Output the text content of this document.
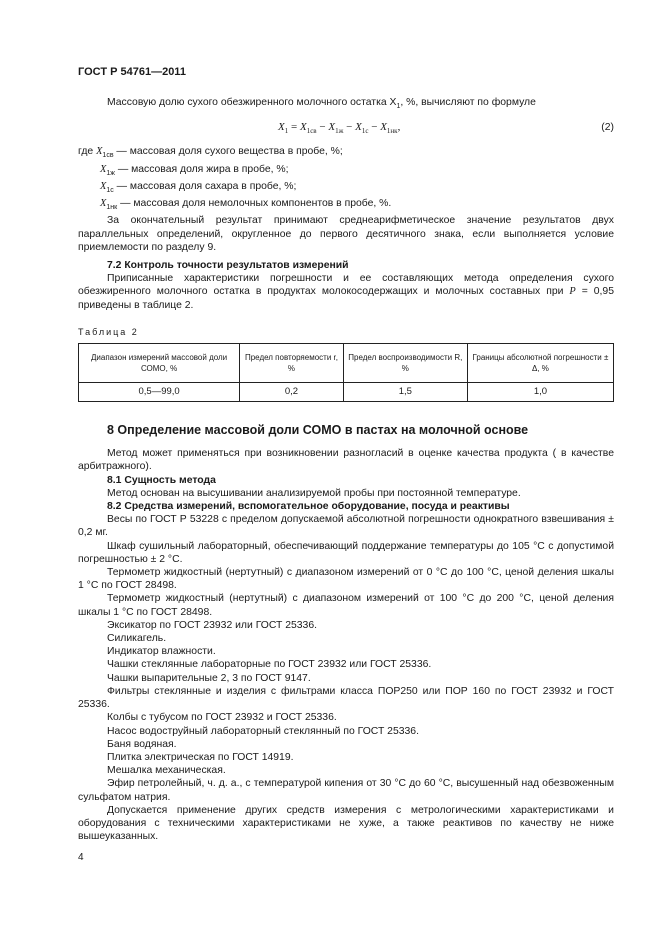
ГОСТ Р 54761—2011

Массовую долю сухого обезжиренного молочного остатка $X_1$, %, вычисляют по формуле

$X_1 = X_{1св} - X_{1ж} - X_{1с} - X_{1нк}$,	(2)
где $X_{1св}$ — массовая доля сухого вещества в пробе, %;
$X_{1ж}$ — массовая доля жира в пробе, %;
$X_{1с}$ — массовая доля сахара в пробе, %;
$X_{1нк}$ — массовая доля немолочных компонентов в пробе, %.

За окончательный результат принимают среднеарифметическое значение результатов двух параллельных определений, округленное до первого десятичного знака, если выполняется условие приемлемости по разделу 9.

7.2 Контроль точности результатов измерений

Приписанные характеристики погрешности и ее составляющих метода определения сухого обезжиренного молочного остатка в продуктах молокосодержащих и молочных составных при P = 0,95 приведены в таблице 2.

Таблица 2
Диапазон измерений массовой доли СОМО, %	Предел повторяемости r, %	Предел воспроизводимости R, %	Границы абсолютной погрешности ± Δ, %
0,5—99,0	0,2	1,5	1,0

8 Определение массовой доли СОМО в пастах на молочной основе

Метод может применяться при возникновении разногласий в оценке качества продукта ( в качестве арбитражного).

8.1 Сущность метода

Метод основан на высушивании анализируемой пробы при постоянной температуре.

8.2 Средства измерений, вспомогательное оборудование, посуда и реактивы

Весы по ГОСТ Р 53228 с пределом допускаемой абсолютной погрешности однократного взвешивания ± 0,2 мг.

Шкаф сушильный лабораторный, обеспечивающий поддержание температуры до 105 °С с допустимой погрешностью ± 2 °С.

Термометр жидкостный (нертутный) с диапазоном измерений от 0 °С до 100 °С, ценой деления шкалы 1 °С по ГОСТ 28498.

Термометр жидкостный (нертутный) с диапазоном измерений от 100 °С до 200 °С, ценой деления шкалы 1 °С по ГОСТ 28498.

Эксикатор по ГОСТ 23932 или ГОСТ 25336.

Силикагель.

Индикатор влажности.

Чашки стеклянные лабораторные по ГОСТ 23932 или ГОСТ 25336.

Чашки выпарительные 2, 3 по ГОСТ 9147.

Фильтры стеклянные и изделия с фильтрами класса ПОР250 или ПОР 160 по ГОСТ 23932 и ГОСТ 25336.

Колбы с тубусом по ГОСТ 23932 и ГОСТ 25336.

Насос водоструйный лабораторный стеклянный по ГОСТ 25336.

Баня водяная.

Плитка электрическая по ГОСТ 14919.

Мешалка механическая.

Эфир петролейный, ч. д. а., с температурой кипения от 30 °С до 60 °С, высушенный над обезвоженным сульфатом натрия.

Допускается применение других средств измерения с метрологическими характеристиками и оборудования с техническими характеристиками не хуже, а также реактивов по качеству не ниже вышеуказанных.

4
